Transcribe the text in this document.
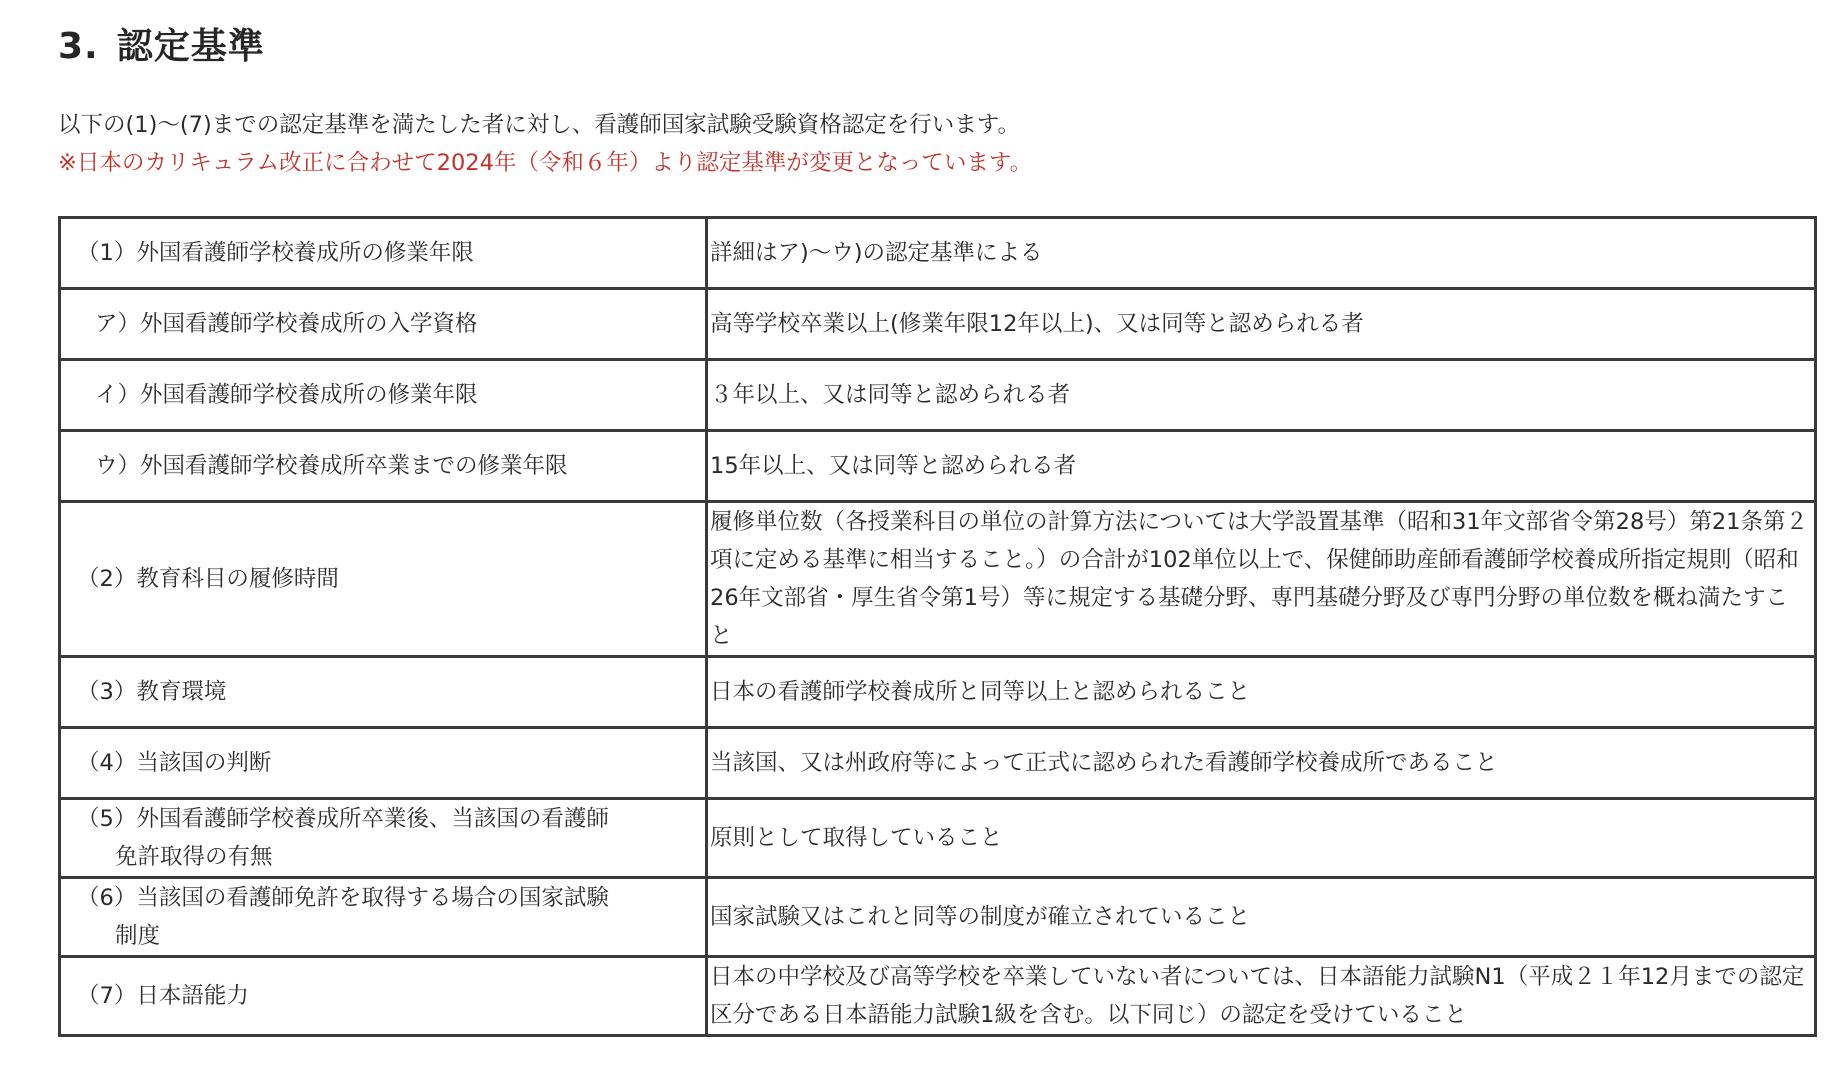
3. 認定基準
以下の(1)〜(7)までの認定基準を満たした者に対し、看護師国家試験受験資格認定を行います。
※日本のカリキュラム改正に合わせて2024年（令和６年）より認定基準が変更となっています。
（1）外国看護師学校養成所の修業年限	詳細はア)〜ウ)の認定基準による
ア）外国看護師学校養成所の入学資格	高等学校卒業以上(修業年限12年以上)、又は同等と認められる者
イ）外国看護師学校養成所の修業年限	３年以上、又は同等と認められる者
ウ）外国看護師学校養成所卒業までの修業年限	15年以上、又は同等と認められる者
（2）教育科目の履修時間	履修単位数（各授業科目の単位の計算方法については大学設置基準（昭和31年文部省令第28号）第21条第２項に定める基準に相当すること。）の合計が102単位以上で、保健師助産師看護師学校養成所指定規則（昭和26年文部省・厚生省令第1号）等に規定する基礎分野、専門基礎分野及び専門分野の単位数を概ね満たすこと
（3）教育環境	日本の看護師学校養成所と同等以上と認められること
（4）当該国の判断	当該国、又は州政府等によって正式に認められた看護師学校養成所であること
（5）外国看護師学校養成所卒業後、当該国の看護師
免許取得の有無	原則として取得していること
（6）当該国の看護師免許を取得する場合の国家試験
制度	国家試験又はこれと同等の制度が確立されていること
（7）日本語能力	日本の中学校及び高等学校を卒業していない者については、日本語能力試験N1（平成２１年12月までの認定区分である日本語能力試験1級を含む。以下同じ）の認定を受けていること
